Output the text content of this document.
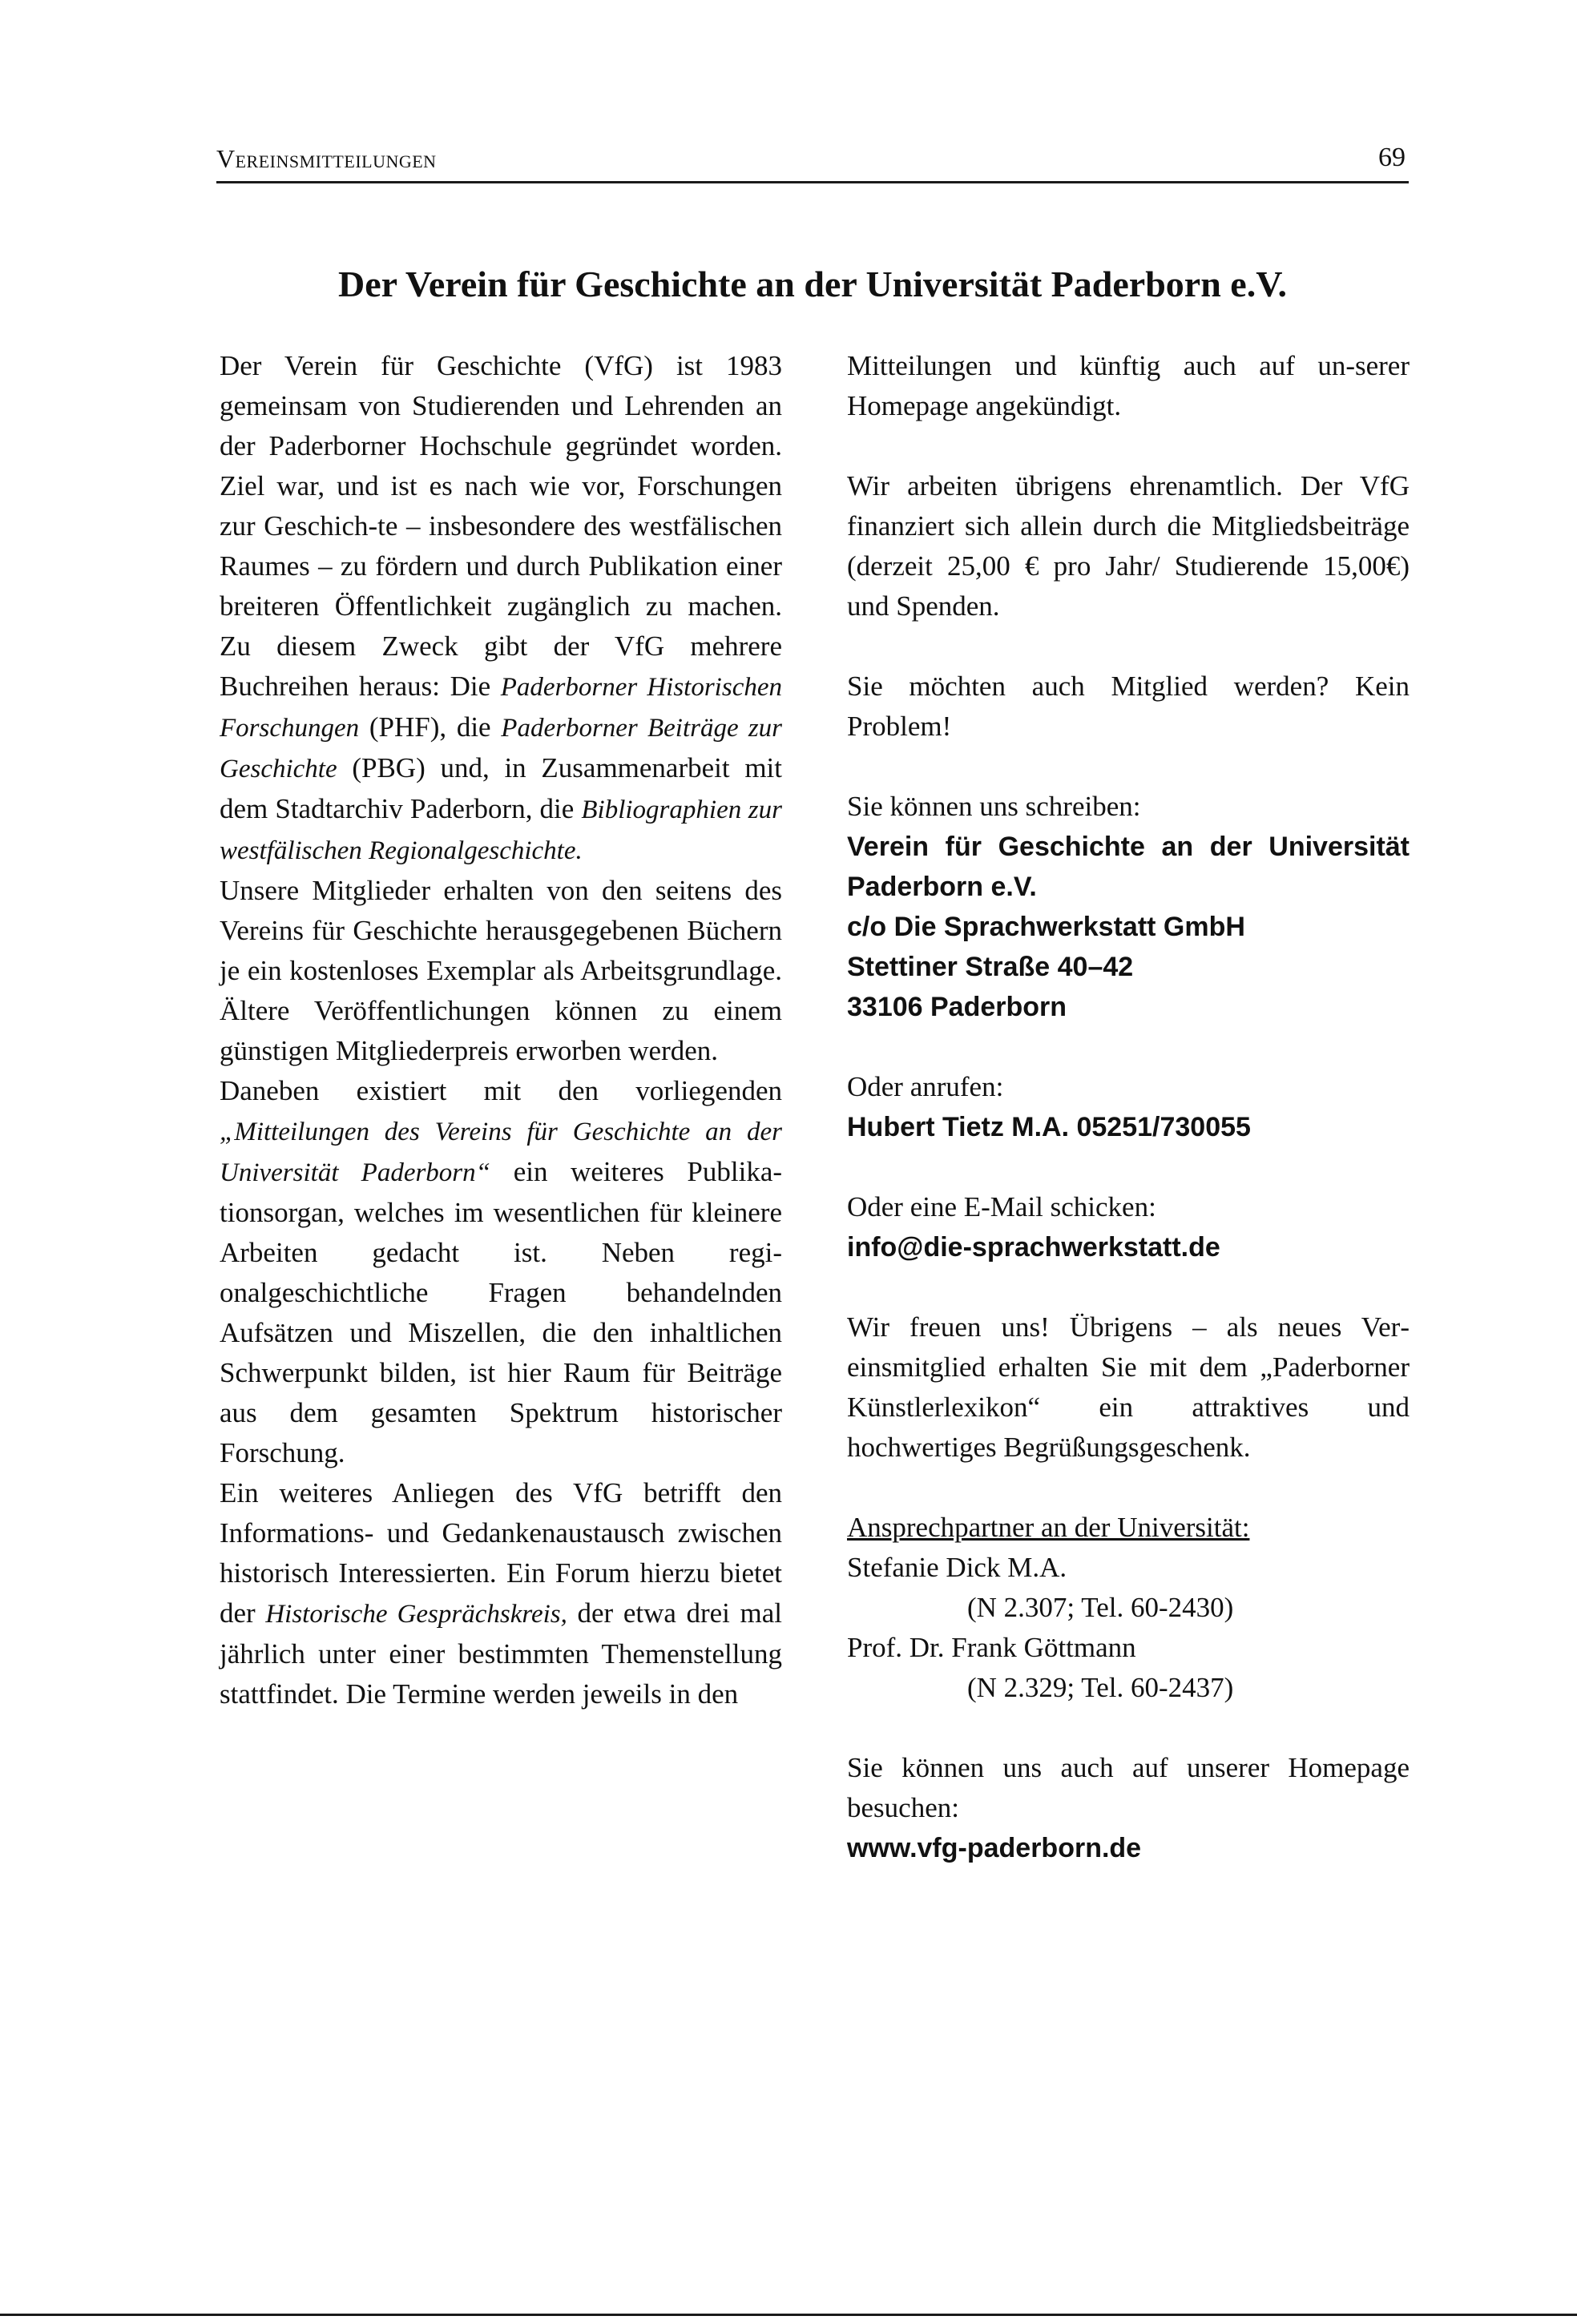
Vereinsmitteilungen	69
Der Verein für Geschichte an der Universität Paderborn e.V.

Der Verein für Geschichte (VfG) ist 1983 gemeinsam von Studierenden und Lehrenden an der Paderborner Hochschule gegründet worden. Ziel war, und ist es nach wie vor, Forschungen zur Geschich-te – insbesondere des westfälischen Raumes – zu fördern und durch Publikation einer breiteren Öffentlichkeit zugänglich zu machen. Zu diesem Zweck gibt der VfG mehrere Buchreihen heraus: Die Paderborner Historischen Forschungen (PHF), die Paderborner Beiträge zur Geschichte (PBG) und, in Zusammenarbeit mit dem Stadtarchiv Paderborn, die Bibliographien zur westfälischen Regionalgeschichte.

Unsere Mitglieder erhalten von den seitens des Vereins für Geschichte herausgegebenen Büchern je ein kostenloses Exemplar als Arbeitsgrundlage. Ältere Veröffentlichungen können zu einem günstigen Mitgliederpreis erworben werden.

Daneben existiert mit den vorliegenden „Mitteilungen des Vereins für Geschichte an der Universität Paderborn“ ein weiteres Publikationsorgan, welches im wesentlichen für kleinere Arbeiten gedacht ist. Neben regionalgeschichtliche Fragen behandelnden Aufsätzen und Miszellen, die den inhaltlichen Schwerpunkt bilden, ist hier Raum für Beiträge aus dem gesamten Spektrum historischer Forschung.

Ein weiteres Anliegen des VfG betrifft den Informations- und Gedankenaustausch zwischen historisch Interessierten. Ein Forum hierzu bietet der Historische Gesprächskreis, der etwa drei mal jährlich unter einer bestimmten Themenstellung stattfindet. Die Termine werden jeweils in den

Mitteilungen und künftig auch auf un-serer Homepage angekündigt.

Wir arbeiten übrigens ehrenamtlich. Der VfG finanziert sich allein durch die Mitgliedsbeiträge (derzeit 25,00 € pro Jahr/ Studierende 15,00€) und Spenden.

Sie möchten auch Mitglied werden? Kein Problem!

Sie können uns schreiben:
Verein für Geschichte an der Universität Paderborn e.V.
c/o Die Sprachwerkstatt GmbH
Stettiner Straße 40–42
33106 Paderborn
Oder anrufen:
Hubert Tietz M.A. 05251/730055
Oder eine E-Mail schicken:
info@die-sprachwerkstatt.de

Wir freuen uns! Übrigens – als neues Vereinsmitglied erhalten Sie mit dem „Paderborner Künstlerlexikon“ ein attraktives und hochwertiges Begrüßungsgeschenk.

Ansprechpartner an der Universität:
Stefanie Dick M.A.
(N 2.307; Tel. 60-2430)
Prof. Dr. Frank Göttmann
(N 2.329; Tel. 60-2437)
Sie können uns auch auf unserer Homepage besuchen:
www.vfg-paderborn.de
